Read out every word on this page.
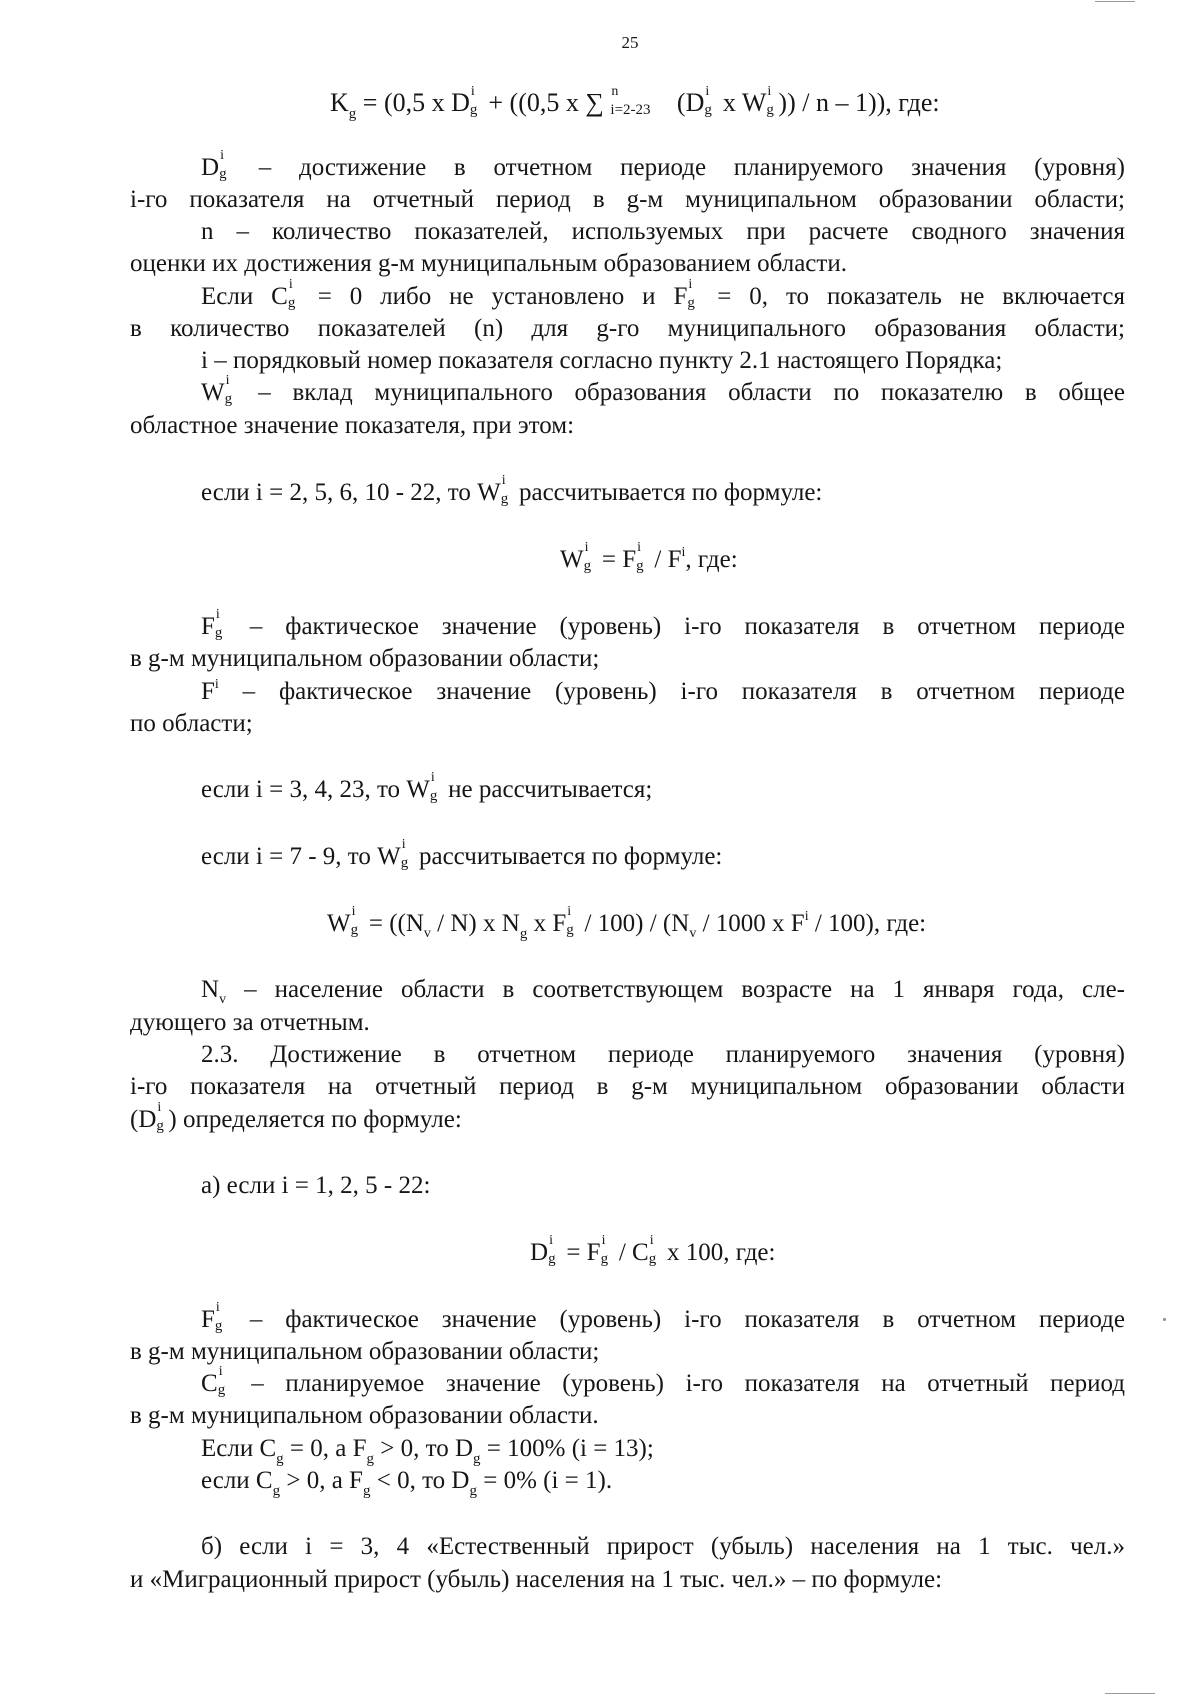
25
$K_g = (0,5$ x D i
g + ((0,5 x ∑ n
i=2-23 (D i
g x W i
g )) / n – 1)), где:
D i
g – достижение в отчетном периоде планируемого значения (уровня)
i-го показателя на отчетный период в g-м муниципальном образовании области;
n – количество показателей, используемых при расчете сводного значения
оценки их достижения g-м муниципальным образованием области.
Если C i
g = 0 либо не установлено и F i
g = 0, то показатель не включается
в количество показателей (n) для g-го муниципального образования области;
i – порядковый номер показателя согласно пункту 2.1 настоящего Порядка;
W i
g – вклад муниципального образования области по показателю в общее
областное значение показателя, при этом:
если i = 2, 5, 6, 10 - 22, то W i
g рассчитывается по формуле:
W i
g = F i
g / $F^i$, где:
F i
g – фактическое значение (уровень) i-го показателя в отчетном периоде
в g-м муниципальном образовании области;
$F^i$ – фактическое значение (уровень) i-го показателя в отчетном периоде
по области;
если i = 3, 4, 23, то W i
g не рассчитывается;
если i = 7 - 9, то W i
g рассчитывается по формуле:
W i
$g = ((N_v / N)$ x $N_g$ x F i
g / $100) / (N_v / 1000$ x $F^i / 100$), где:
$N_v$ – население области в соответствующем возрасте на 1 января года, сле-
дующего за отчетным.
2.3. Достижение в отчетном периоде планируемого значения (уровня)
i-го показателя на отчетный период в g-м муниципальном образовании области
(D i
g ) определяется по формуле:
а) если i = 1, 2, 5 - 22:
D i
g = F i
g / C i
g x 100, где:
F i
g – фактическое значение (уровень) i-го показателя в отчетном периоде
в g-м муниципальном образовании области;
C i
g – планируемое значение (уровень) i-го показателя на отчетный период
в g-м муниципальном образовании области.
Если $C_g = 0$, а $F_g > 0$, то $D_g = 100\%$ (i = 13);
если $C_g > 0$, а $F_g < 0$, то $D_g = 0\%$ (i = 1).
б) если i = 3, 4 «Естественный прирост (убыль) населения на 1 тыс. чел.»
и «Миграционный прирост (убыль) населения на 1 тыс. чел.» – по формуле:
